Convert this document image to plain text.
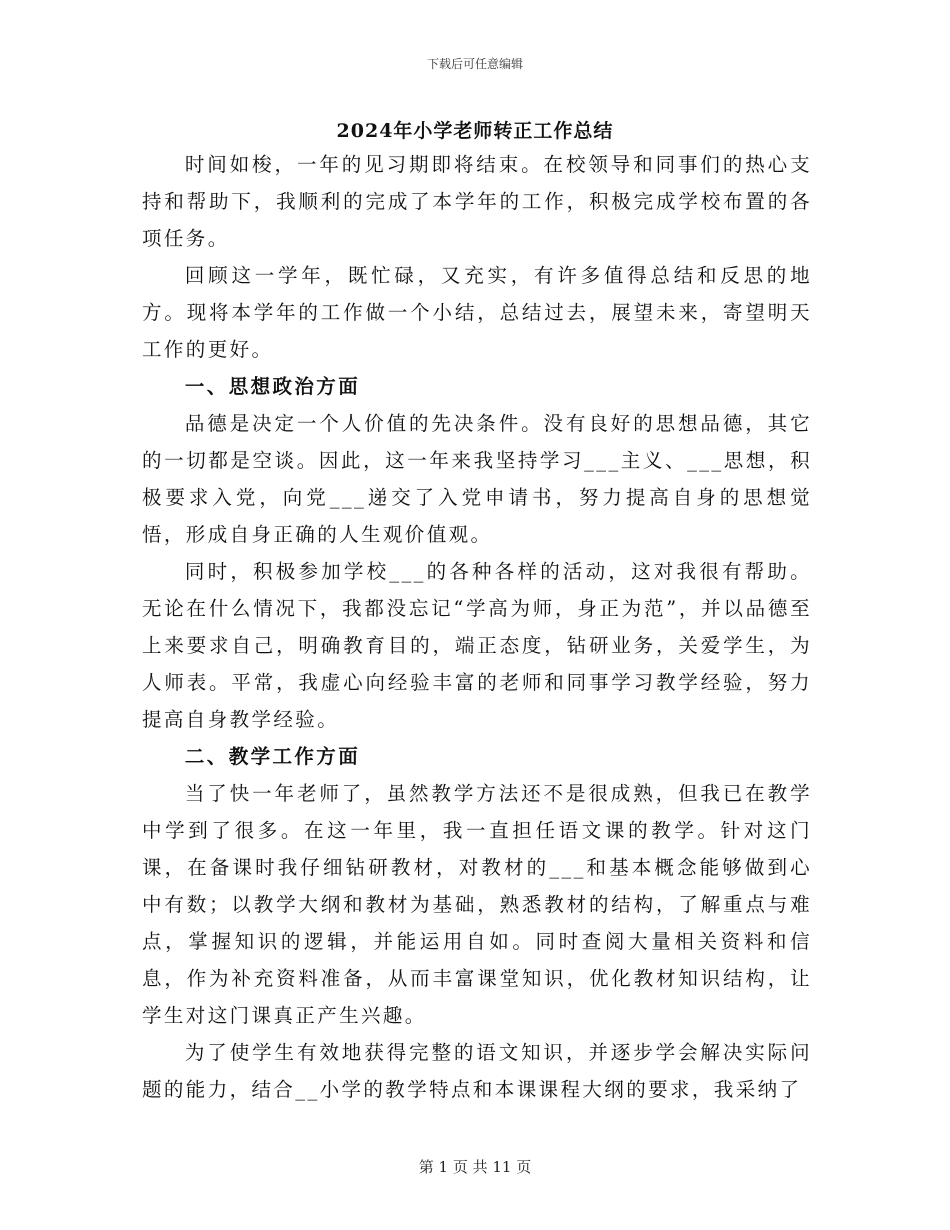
下载后可任意编辑
2024年小学老师转正工作总结

时间如梭，一年的见习期即将结束。在校领导和同事们的热心支持和帮助下，我顺利的完成了本学年的工作，积极完成学校布置的各项任务。

回顾这一学年，既忙碌，又充实，有许多值得总结和反思的地方。现将本学年的工作做一个小结，总结过去，展望未来，寄望明天工作的更好。

一、思想政治方面

品德是决定一个人价值的先决条件。没有良好的思想品德，其它的一切都是空谈。因此，这一年来我坚持学习___主义、___思想，积极要求入党，向党___递交了入党申请书，努力提高自身的思想觉悟，形成自身正确的人生观价值观。

同时，积极参加学校___的各种各样的活动，这对我很有帮助。无论在什么情况下，我都没忘记“学高为师，身正为范”，并以品德至上来要求自己，明确教育目的，端正态度，钻研业务，关爱学生，为人师表。平常，我虚心向经验丰富的老师和同事学习教学经验，努力提高自身教学经验。

二、教学工作方面

当了快一年老师了，虽然教学方法还不是很成熟，但我已在教学中学到了很多。在这一年里，我一直担任语文课的教学。针对这门课，在备课时我仔细钻研教材，对教材的___和基本概念能够做到心中有数；以教学大纲和教材为基础，熟悉教材的结构，了解重点与难点，掌握知识的逻辑，并能运用自如。同时查阅大量相关资料和信息，作为补充资料准备，从而丰富课堂知识，优化教材知识结构，让学生对这门课真正产生兴趣。

为了使学生有效地获得完整的语文知识，并逐步学会解决实际问题的能力，结合__小学的教学特点和本课课程大纲的要求，我采纳了

第 1 页 共 11 页
